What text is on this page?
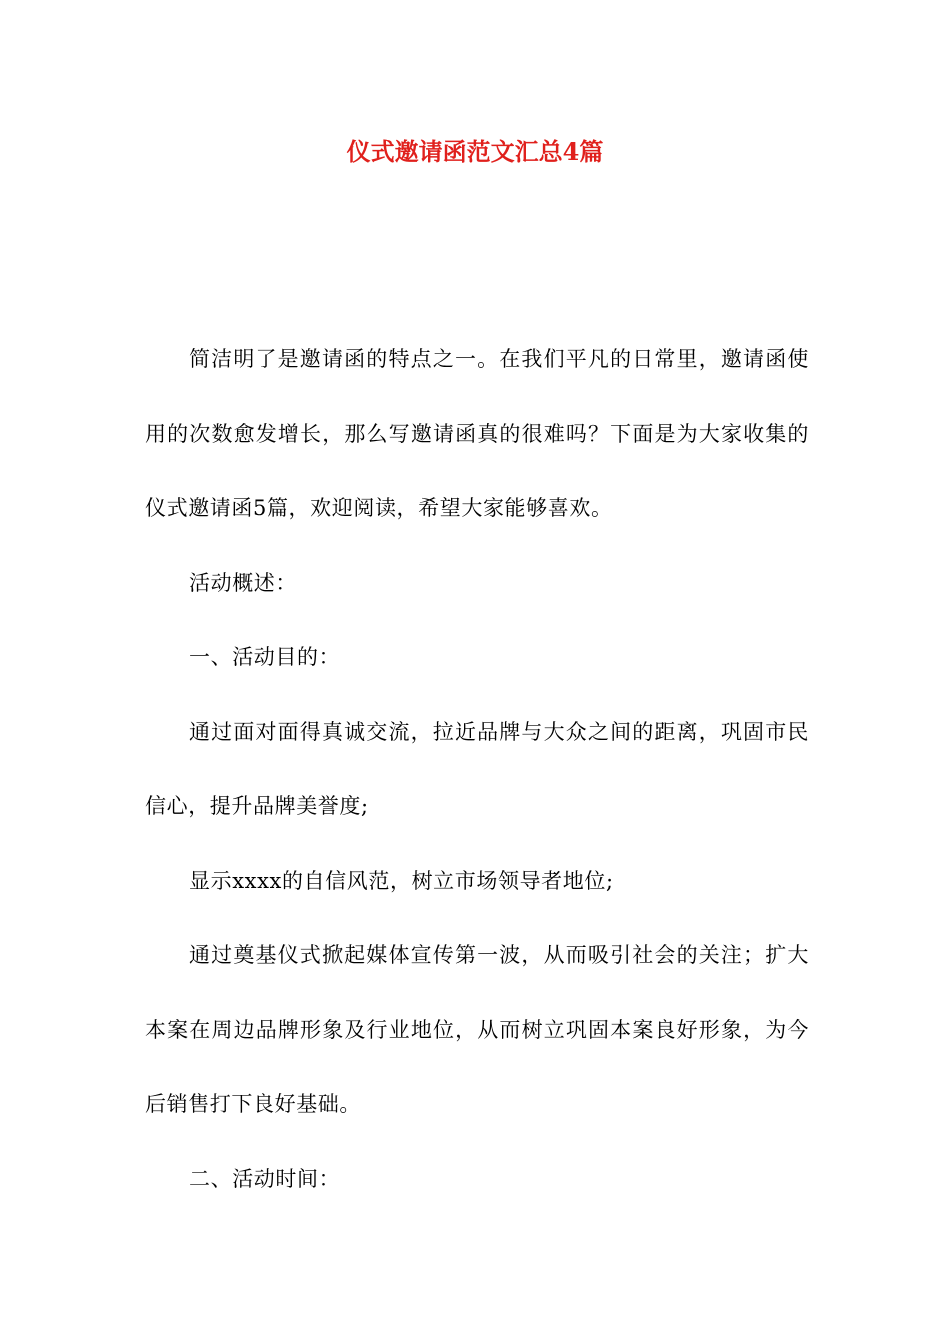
仪式邀请函范文汇总4篇

简洁明了是邀请函的特点之一。在我们平凡的日常里，邀请函使用的次数愈发增长，那么写邀请函真的很难吗？下面是为大家收集的仪式邀请函5篇，欢迎阅读，希望大家能够喜欢。

活动概述：

一、活动目的：

通过面对面得真诚交流，拉近品牌与大众之间的距离，巩固市民信心，提升品牌美誉度;

显示xxxx的自信风范，树立市场领导者地位;

通过奠基仪式掀起媒体宣传第一波，从而吸引社会的关注；扩大本案在周边品牌形象及行业地位，从而树立巩固本案良好形象，为今后销售打下良好基础。

二、活动时间：
